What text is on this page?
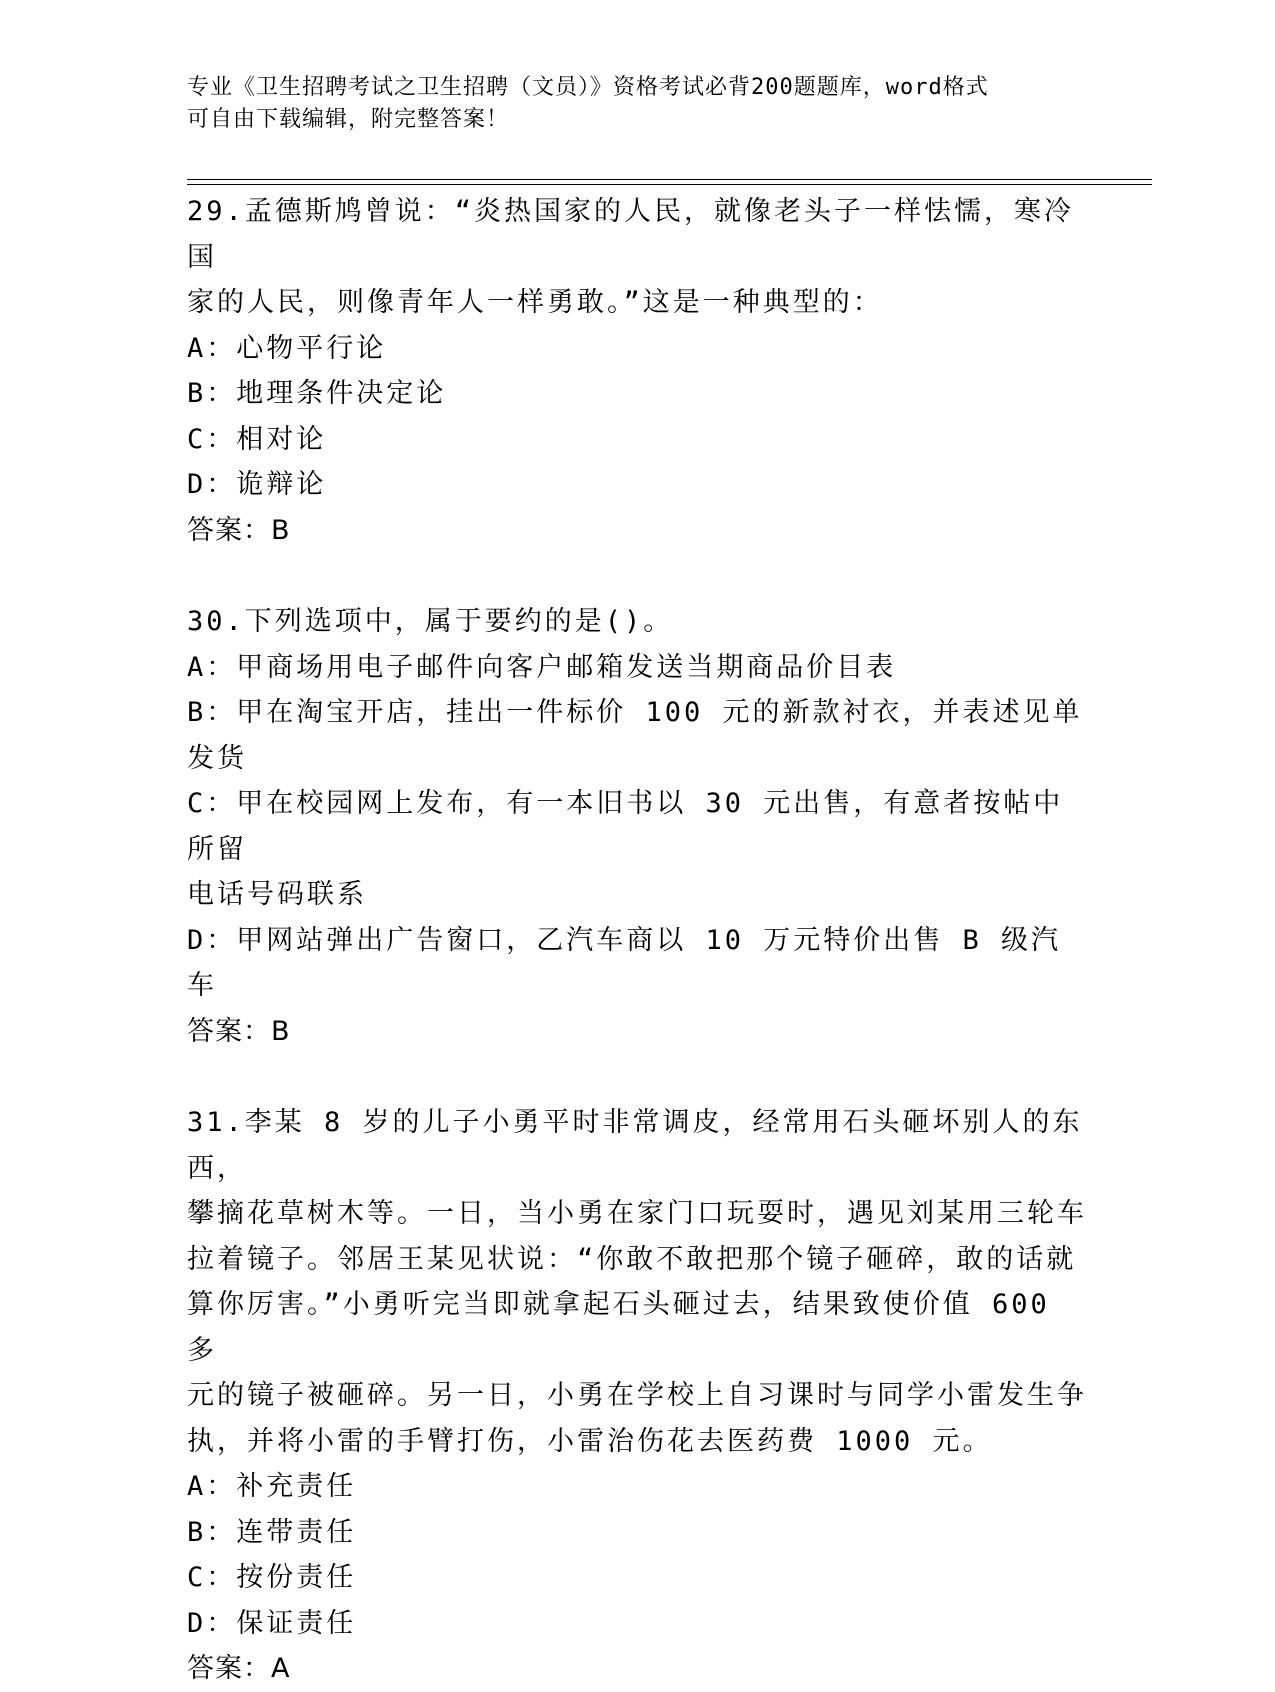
专业《卫生招聘考试之卫生招聘（文员）》资格考试必背200题题库，word格式
可自由下载编辑，附完整答案！

29.孟德斯鸠曾说：“炎热国家的人民，就像老头子一样怯懦，寒冷国

家的人民，则像青年人一样勇敢。”这是一种典型的：

A：心物平行论

B：地理条件决定论

C：相对论

D：诡辩论

答案：B

30.下列选项中，属于要约的是()。

A：甲商场用电子邮件向客户邮箱发送当期商品价目表

B：甲在淘宝开店，挂出一件标价 100 元的新款衬衣，并表述见单发货

C：甲在校园网上发布，有一本旧书以 30 元出售，有意者按帖中所留

电话号码联系

D：甲网站弹出广告窗口，乙汽车商以 10 万元特价出售 B 级汽车

答案：B

31.李某 8 岁的儿子小勇平时非常调皮，经常用石头砸坏别人的东西，

攀摘花草树木等。一日，当小勇在家门口玩耍时，遇见刘某用三轮车

拉着镜子。邻居王某见状说：“你敢不敢把那个镜子砸碎，敢的话就

算你厉害。”小勇听完当即就拿起石头砸过去，结果致使价值 600 多

元的镜子被砸碎。另一日，小勇在学校上自习课时与同学小雷发生争

执，并将小雷的手臂打伤，小雷治伤花去医药费 1000 元。

A：补充责任

B：连带责任

C：按份责任

D：保证责任

答案：A
